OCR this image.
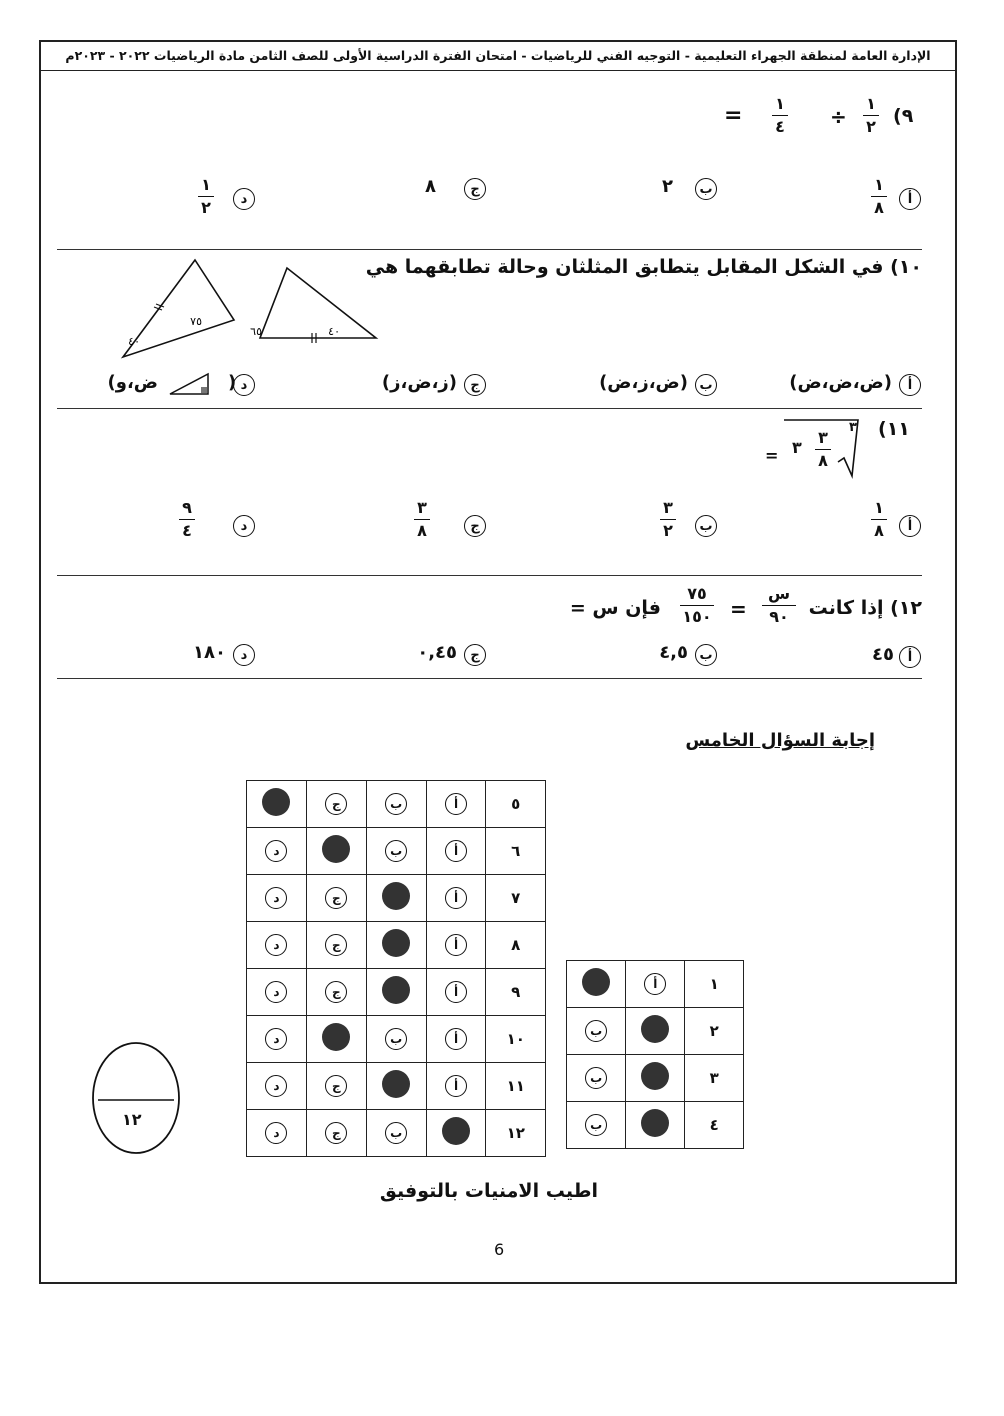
الإدارة العامة لمنطقة الجهراء التعليمية - التوجيه الفني للرياضيات - امتحان الفترة الدراسية الأولى للصف الثامن مادة الرياضيات ٢٠٢٢ - ٢٠٢٣م
٩)
١
٢
÷
١
٤
=
أ
١
٨
ب
٢
ج
٨
د
١
٢
١٠) في الشكل المقابل يتطابق المثلثان وحالة تطابقهما هي
٦٥	٤٠
٧٥
٤٠
أ
(ض،ض،ض)
ب
(ض،ز،ض)
ج
(ز،ض،ز)
د
(
ض،و)
١١)
٣
٣
٨
٣
=
أ
١
٨
ب
٣
٢
ج
٣
٨
د
٩
٤
١٢) إذا كانت
س
٩٠
=
٧٥
١٥٠
فإن س =
أ
٤٥
ب
٤,٥
ج
٠,٤٥
د
١٨٠
إجابة السؤال الخامس
٥	أ	ب	ج	
٦	أ	ب		د
٧	أ		ج	د
٨	أ		ج	د
٩	أ		ج	د
١٠	أ	ب		د
١١	أ		ج	د
١٢		ب	ج	د
١	أ	
٢		ب
٣		ب
٤		ب
١٢
اطيب الامنيات بالتوفيق
6
